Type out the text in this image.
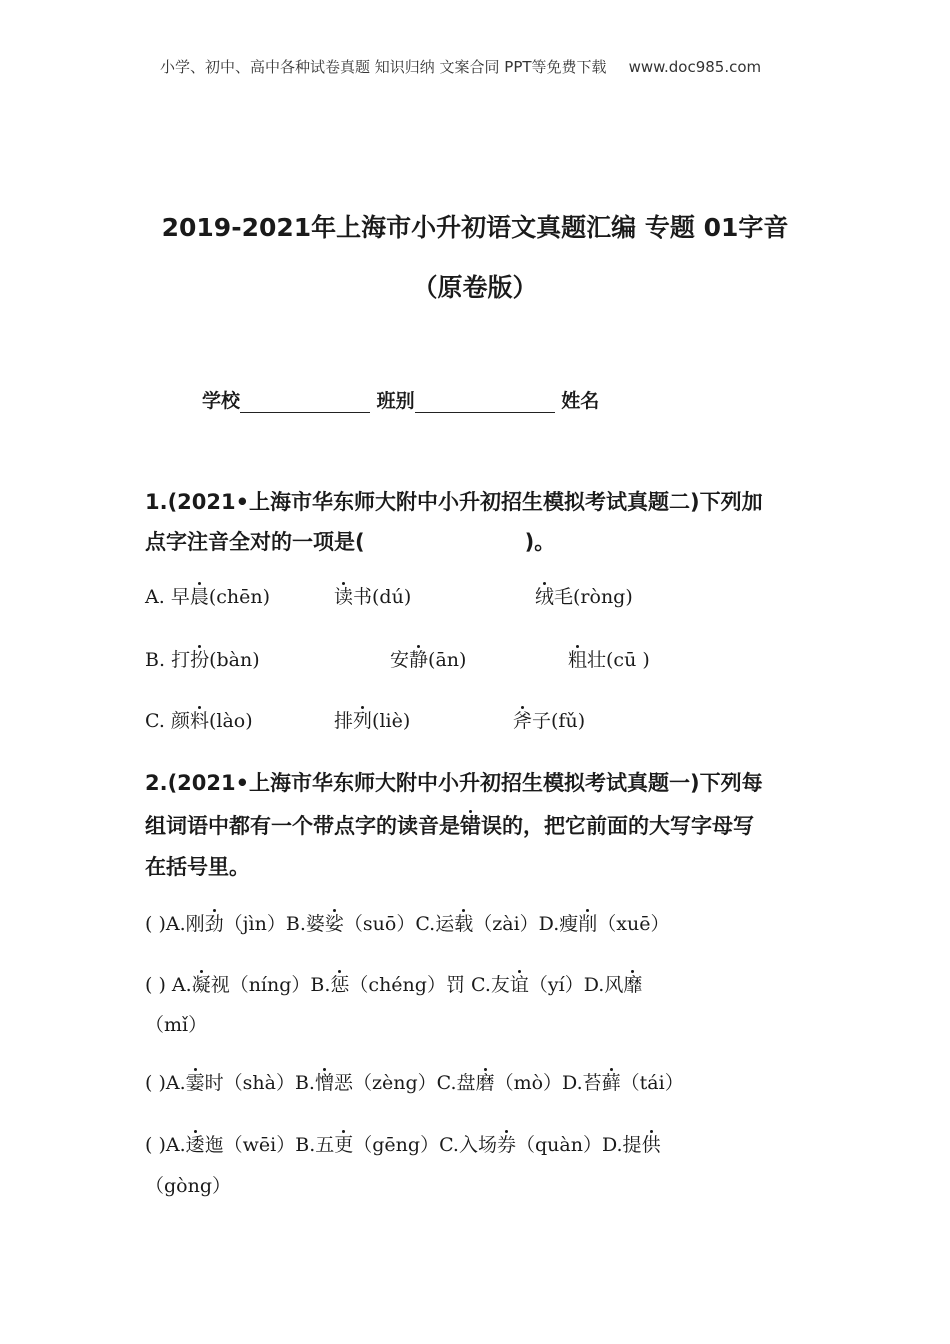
小学、初中、高中各种试卷真题 知识归纳 文案合同 PPT等免费下载 www.doc985.com
2019-2021年上海市小升初语文真题汇编 专题 01字音
（原卷版）
学校	班别	姓名
1.(2021•上海市华东师大附中小升初招生模拟考试真题二)下列加
点字注音全对的一项是(	)。
A. 早晨(chēn)	读书(dú)	绒毛(ròng)
B. 打扮(bàn)	安静(ān)	粗壮(cū )
C. 颜料(lào)	排列(liè)	斧子(fǔ)
2.(2021•上海市华东师大附中小升初招生模拟考试真题一)下列每
组词语中都有一个带点字的读音是错误的，把它前面的大写字母写
在括号里。
( )A.刚劲（jìn）B.婆娑（suō）C.运载（zài）D.瘦削（xuē）
( ) A.凝视（níng）B.惩（chéng）罚 C.友谊（yí）D.风靡
（mǐ）
( )A.霎时（shà）B.憎恶（zèng）C.盘磨（mò）D.苔藓（tái）
( )A.逶迤（wēi）B.五更（gēng）C.入场券（quàn）D.提供
（gòng）
